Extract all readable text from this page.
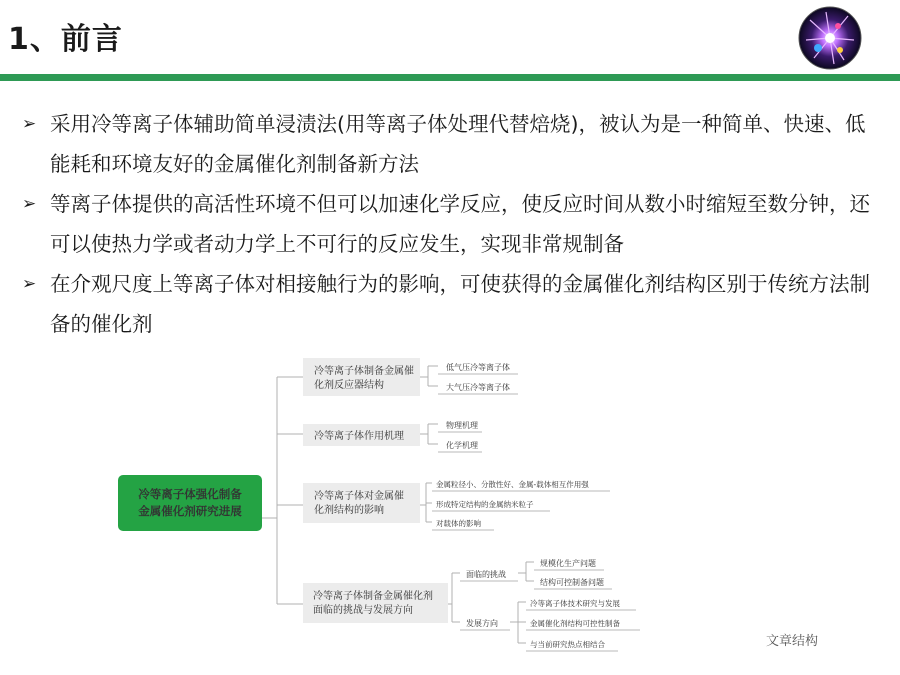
1、前言
➢ 采用冷等离子体辅助简单浸渍法(用等离子体处理代替焙烧)，被认为是一种简单、快速、低能耗和环境友好的金属催化剂制备新方法
➢ 等离子体提供的高活性环境不但可以加速化学反应，使反应时间从数小时缩短至数分钟，还可以使热力学或者动力学上不可行的反应发生，实现非常规制备
➢ 在介观尺度上等离子体对相接触行为的影响，可使获得的金属催化剂结构区别于传统方法制备的催化剂
冷等离子体强化制备
金属催化剂研究进展
冷等离子体制备金属催
化剂反应器结构
冷等离子体作用机理
冷等离子体对金属催
化剂结构的影响
冷等离子体制备金属催化剂
面临的挑战与发展方向
低气压冷等离子体
大气压冷等离子体
物理机理
化学机理
金属粒径小、分散性好、金属-载体相互作用强
形成特定结构的金属纳米粒子
对载体的影响
面临的挑战
发展方向
规模化生产问题
结构可控制备问题
冷等离子体技术研究与发展
金属催化剂结构可控性制备
与当前研究热点相结合	文章结构
